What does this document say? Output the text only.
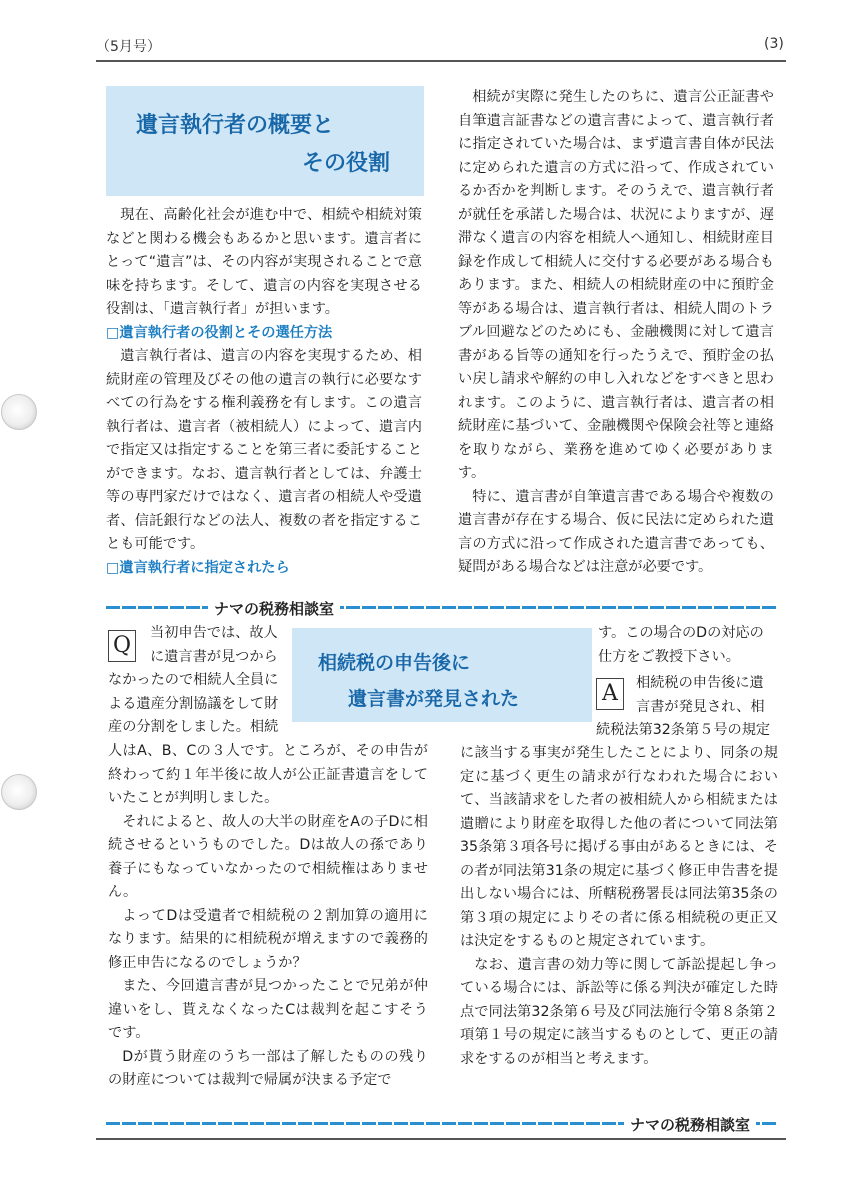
（5月号）	(3)
遺言執行者の概要と
その役割

現在、高齢化社会が進む中で、相続や相続対策などと関わる機会もあるかと思います。遺言者にとって“遺言”は、その内容が実現されることで意味を持ちます。そして、遺言の内容を実現させる役割は、「遺言執行者」が担います。

□遺言執行者の役割とその選任方法

遺言執行者は、遺言の内容を実現するため、相続財産の管理及びその他の遺言の執行に必要なすべての行為をする権利義務を有します。この遺言執行者は、遺言者（被相続人）によって、遺言内で指定又は指定することを第三者に委託することができます。なお、遺言執行者としては、弁護士等の専門家だけではなく、遺言者の相続人や受遺者、信託銀行などの法人、複数の者を指定することも可能です。

□遺言執行者に指定されたら

相続が実際に発生したのちに、遺言公正証書や自筆遺言証書などの遺言書によって、遺言執行者に指定されていた場合は、まず遺言書自体が民法に定められた遺言の方式に沿って、作成されているか否かを判断します。そのうえで、遺言執行者が就任を承諾した場合は、状況によりますが、遅滞なく遺言の内容を相続人へ通知し、相続財産目録を作成して相続人に交付する必要がある場合もあります。また、相続人の相続財産の中に預貯金等がある場合は、遺言執行者は、相続人間のトラブル回避などのためにも、金融機関に対して遺言書がある旨等の通知を行ったうえで、預貯金の払い戻し請求や解約の申し入れなどをすべきと思われます。このように、遺言執行者は、遺言者の相続財産に基づいて、金融機関や保険会社等と連絡を取りながら、業務を進めてゆく必要があります。

特に、遺言書が自筆遺言書である場合や複数の遺言書が存在する場合、仮に民法に定められた遺言の方式に沿って作成された遺言書であっても、疑問がある場合などは注意が必要です。

ナマの税務相談室
相続税の申告後に
遺言書が発見された
Q	当初申告では、故人
に遺言書が見つから
なかったので相続人全員に
よる遺産分割協議をして財
産の分割をしました。相続

人はA、B、Cの３人です。ところが、その申告が終わって約１年半後に故人が公正証書遺言をしていたことが判明しました。

それによると、故人の大半の財産をAの子Dに相続させるというものでした。Dは故人の孫であり養子にもなっていなかったので相続権はありません。

よってDは受遺者で相続税の２割加算の適用になります。結果的に相続税が増えますので義務的修正申告になるのでしょうか？

また、今回遺言書が見つかったことで兄弟が仲違いをし、貰えなくなったCは裁判を起こすそうです。

Dが貰う財産のうち一部は了解したものの残りの財産については裁判で帰属が決まる予定で

す。この場合のDの対応の
仕方をご教授下さい。
A	相続税の申告後に遺
言書が発見され、相
続税法第32条第５号の規定

に該当する事実が発生したことにより、同条の規定に基づく更生の請求が行なわれた場合において、当該請求をした者の被相続人から相続または遺贈により財産を取得した他の者について同法第35条第３項各号に掲げる事由があるときには、その者が同法第31条の規定に基づく修正申告書を提出しない場合には、所轄税務署長は同法第35条の第３項の規定によりその者に係る相続税の更正又は決定をするものと規定されています。

なお、遺言書の効力等に関して訴訟提起し争っている場合には、訴訟等に係る判決が確定した時点で同法第32条第６号及び同法施行令第８条第２項第１号の規定に該当するものとして、更正の請求をするのが相当と考えます。

ナマの税務相談室
